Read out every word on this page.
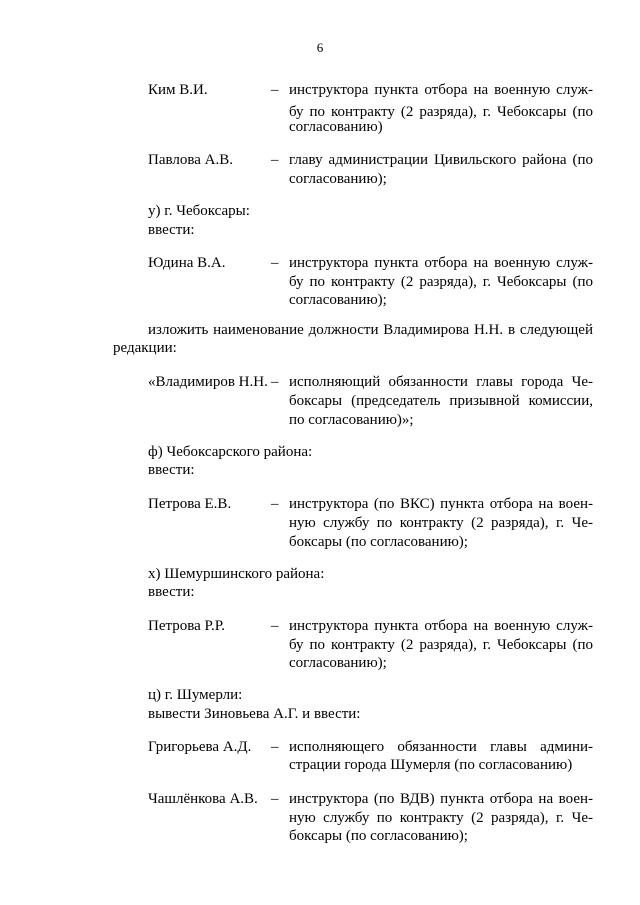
6
Ким В.И.	– инструктора пункта отбора на военную служ-
бу по контракту (2 разряда), г. Чебоксары (по
согласованию)
Павлова А.В.	– главу администрации Цивильского района (по
согласованию);
у) г. Чебоксары:
ввести:
Юдина В.А.	– инструктора пункта отбора на военную служ-
бу по контракту (2 разряда), г. Чебоксары (по
согласованию);
изложить наименование должности Владимирова Н.Н. в следующей
редакции:
«Владимиров Н.Н. – исполняющий обязанности главы города Че-
боксары (председатель призывной комиссии,
по согласованию)»;
ф) Чебоксарского района:
ввести:
Петрова Е.В.	– инструктора (по ВКС) пункта отбора на воен-
ную службу по контракту (2 разряда), г. Че-
боксары (по согласованию);
х) Шемуршинского района:
ввести:
Петрова Р.Р.	– инструктора пункта отбора на военную служ-
бу по контракту (2 разряда), г. Чебоксары (по
согласованию);
ц) г. Шумерли:
вывести Зиновьева А.Г. и ввести:
Григорьева А.Д. – исполняющего обязанности главы админи-
страции города Шумерля (по согласованию)
Чашлёнкова А.В. – инструктора (по ВДВ) пункта отбора на воен-
ную службу по контракту (2 разряда), г. Че-
боксары (по согласованию);
